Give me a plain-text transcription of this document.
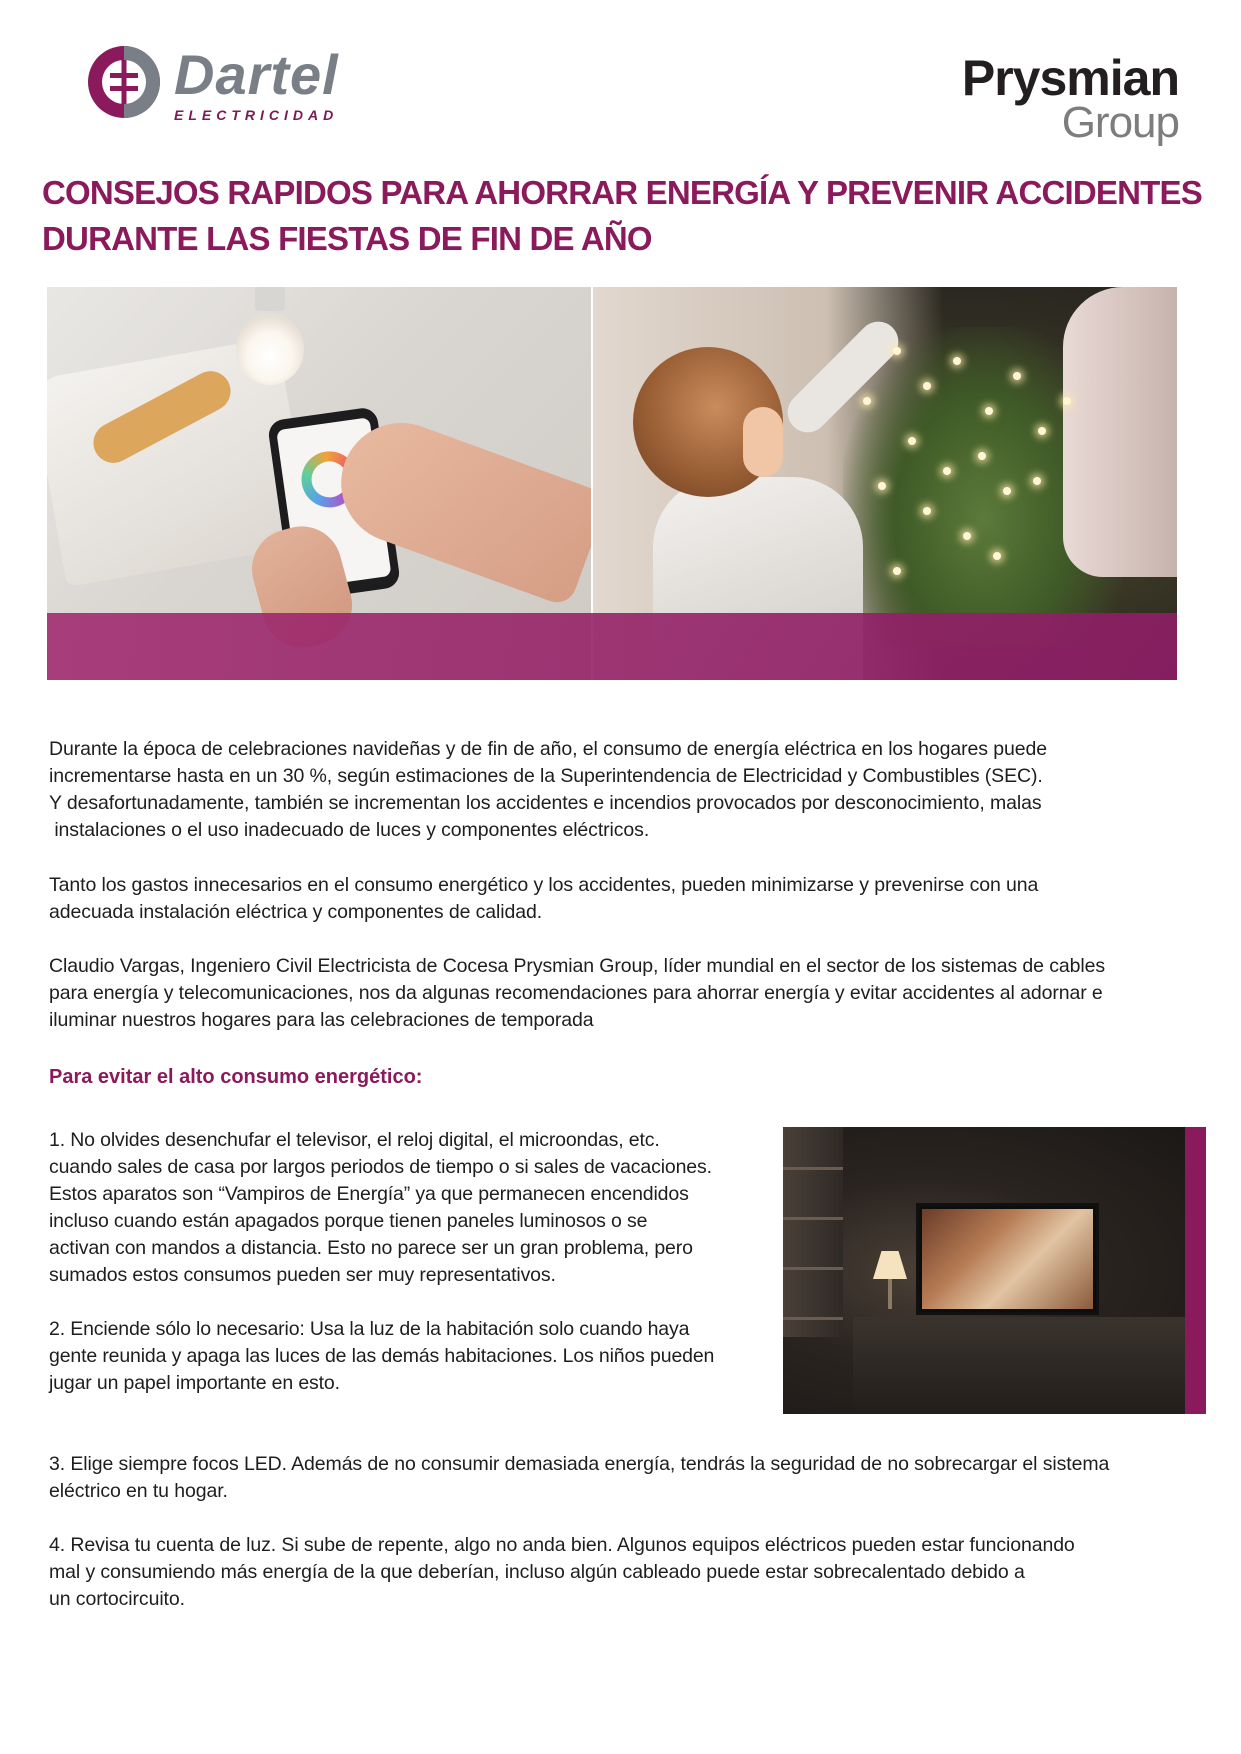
Dartel
ELECTRICIDAD
Prysmian
Group
CONSEJOS RAPIDOS PARA AHORRAR ENERGÍA Y PREVENIR ACCIDENTES
DURANTE LAS FIESTAS DE FIN DE AÑO

Durante la época de celebraciones navideñas y de fin de año, el consumo de energía eléctrica en los hogares puede
incrementarse hasta en un 30 %, según estimaciones de la Superintendencia de Electricidad y Combustibles (SEC).
Y desafortunadamente, también se incrementan los accidentes e incendios provocados por desconocimiento, malas
instalaciones o el uso inadecuado de luces y componentes eléctricos.

Tanto los gastos innecesarios en el consumo energético y los accidentes, pueden minimizarse y prevenirse con una
adecuada instalación eléctrica y componentes de calidad.

Claudio Vargas, Ingeniero Civil Electricista de Cocesa Prysmian Group, líder mundial en el sector de los sistemas de cables
para energía y telecomunicaciones, nos da algunas recomendaciones para ahorrar energía y evitar accidentes al adornar e
iluminar nuestros hogares para las celebraciones de temporada

Para evitar el alto consumo energético:

1. No olvides desenchufar el televisor, el reloj digital, el microondas, etc.
cuando sales de casa por largos periodos de tiempo o si sales de vacaciones.
Estos aparatos son “Vampiros de Energía” ya que permanecen encendidos
incluso cuando están apagados porque tienen paneles luminosos o se
activan con mandos a distancia. Esto no parece ser un gran problema, pero
sumados estos consumos pueden ser muy representativos.

2. Enciende sólo lo necesario: Usa la luz de la habitación solo cuando haya
gente reunida y apaga las luces de las demás habitaciones. Los niños pueden
jugar un papel importante en esto.

3. Elige siempre focos LED. Además de no consumir demasiada energía, tendrás la seguridad de no sobrecargar el sistema
eléctrico en tu hogar.

4. Revisa tu cuenta de luz. Si sube de repente, algo no anda bien. Algunos equipos eléctricos pueden estar funcionando
mal y consumiendo más energía de la que deberían, incluso algún cableado puede estar sobrecalentado debido a
un cortocircuito.
